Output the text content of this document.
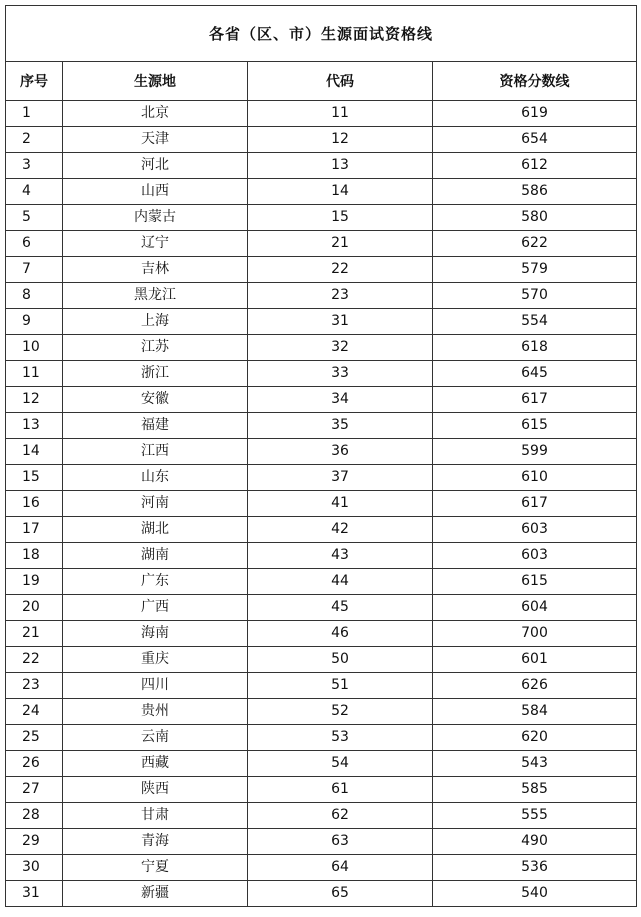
各省（区、市）生源面试资格线			
序号	生源地	代码	资格分数线
1	北京	11	619
2	天津	12	654
3	河北	13	612
4	山西	14	586
5	内蒙古	15	580
6	辽宁	21	622
7	吉林	22	579
8	黑龙江	23	570
9	上海	31	554
10	江苏	32	618
11	浙江	33	645
12	安徽	34	617
13	福建	35	615
14	江西	36	599
15	山东	37	610
16	河南	41	617
17	湖北	42	603
18	湖南	43	603
19	广东	44	615
20	广西	45	604
21	海南	46	700
22	重庆	50	601
23	四川	51	626
24	贵州	52	584
25	云南	53	620
26	西藏	54	543
27	陕西	61	585
28	甘肃	62	555
29	青海	63	490
30	宁夏	64	536
31	新疆	65	540
